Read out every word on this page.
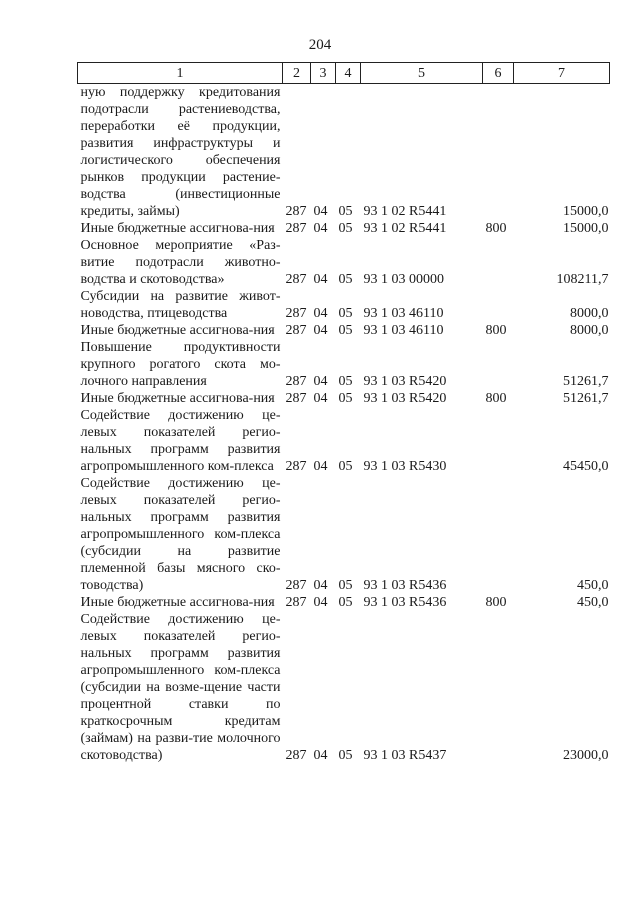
204
1	2	3	4	5	6	7
ную поддержку кредитования подотрасли растениеводства, переработки её продукции, развития инфраструктуры и логистического обеспечения рынков продукции растение-водства (инвестиционные кредиты, займы)	287	04	05	93 1 02 R5441		15000,0
Иные бюджетные ассигнова-ния	287	04	05	93 1 02 R5441	800	15000,0
Основное мероприятие «Раз-витие подотрасли животно-водства и скотоводства»	287	04	05	93 1 03 00000		108211,7
Субсидии на развитие живот-новодства, птицеводства	287	04	05	93 1 03 46110		8000,0
Иные бюджетные ассигнова-ния	287	04	05	93 1 03 46110	800	8000,0
Повышение продуктивности крупного рогатого скота мо-лочного направления	287	04	05	93 1 03 R5420		51261,7
Иные бюджетные ассигнова-ния	287	04	05	93 1 03 R5420	800	51261,7
Содействие достижению це-левых показателей регио-нальных программ развития агропромышленного ком-плекса	287	04	05	93 1 03 R5430		45450,0
Содействие достижению це-левых показателей регио-нальных программ развития агропромышленного ком-плекса (субсидии на развитие племенной базы мясного ско-товодства)	287	04	05	93 1 03 R5436		450,0
Иные бюджетные ассигнова-ния	287	04	05	93 1 03 R5436	800	450,0
Содействие достижению це-левых показателей регио-нальных программ развития агропромышленного ком-плекса (субсидии на возме-щение части процентной ставки по краткосрочным кредитам (займам) на разви-тие молочного скотоводства)	287	04	05	93 1 03 R5437		23000,0
